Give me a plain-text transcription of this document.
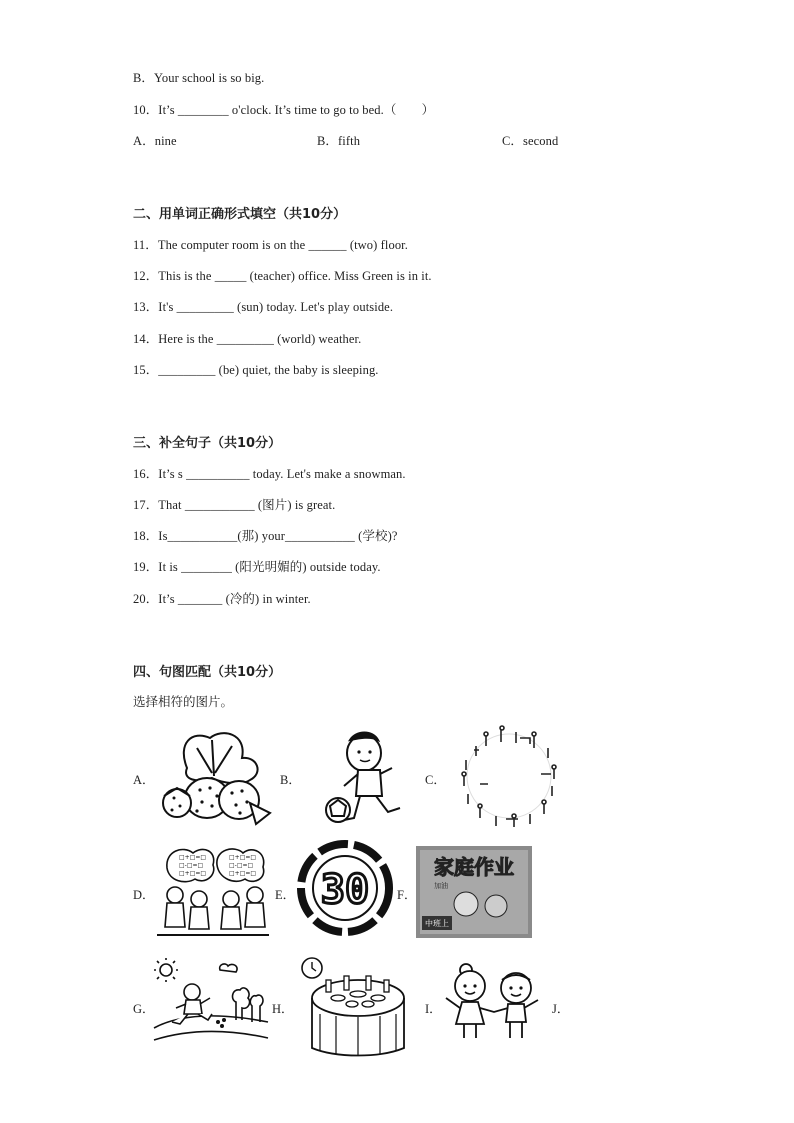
B．Your school is so big.
10．It’s ________ o'clock. It’s time to go to bed.（　　）
A．nine	B．fifth	C．second
二、用单词正确形式填空（共10分）
11．The computer room is on the ______ (two) floor.
12．This is the _____ (teacher) office. Miss Green is in it.
13．It's _________ (sun) today. Let's play outside.
14．Here is the _________ (world) weather.
15．_________ (be) quiet, the baby is sleeping.
三、补全句子（共10分）
16．It’s s __________ today. Let's make a snowman.
17．That ___________ (图片) is great.
18．Is___________(那) your___________ (学校)?
19．It is ________ (阳光明媚的) outside today.
20．It’s _______ (冷的) in winter.
四、句图匹配（共10分）
选择相符的图片。
A．	B．	C．
D．	E．	F．
G．	H．	I．	J．
□+□=□
□-□=□
□+□=□
□+□=□
□-□=□
□+□=□ 30	家庭作业
加油
中班上
